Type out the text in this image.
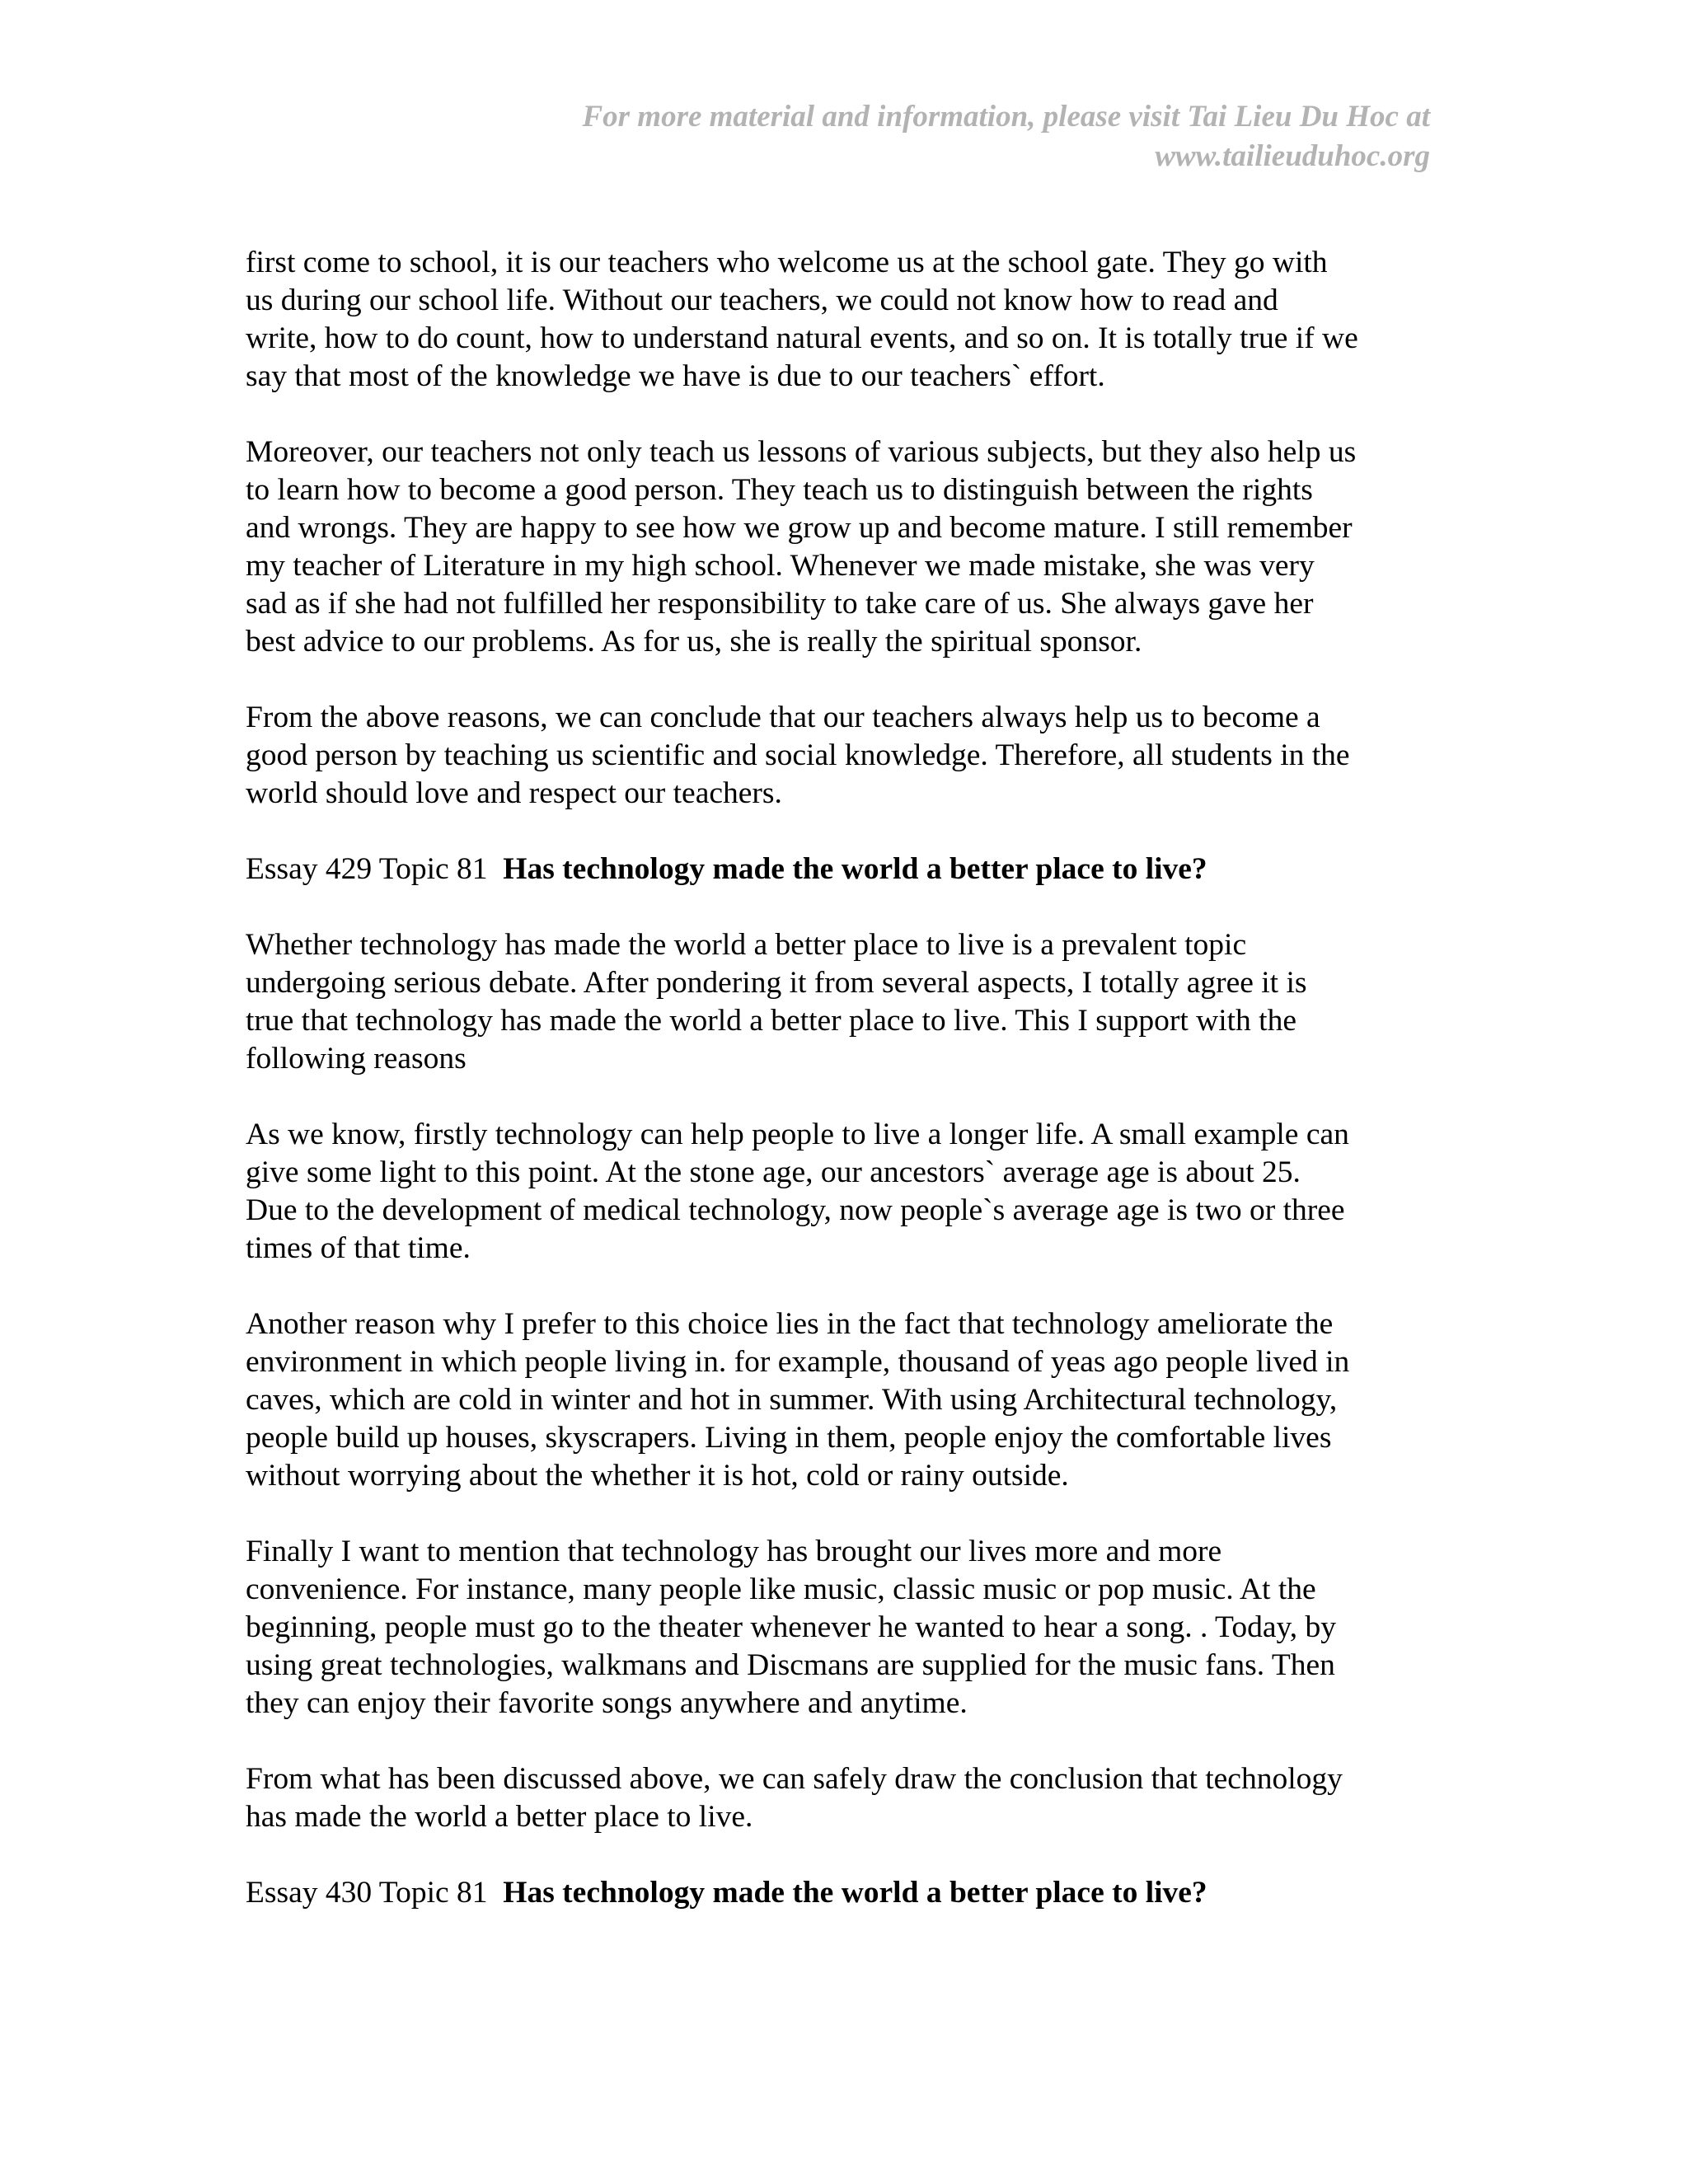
For more material and information, please visit Tai Lieu Du Hoc at
www.tailieuduhoc.org
first come to school, it is our teachers who welcome us at the school gate. They go with
us during our school life. Without our teachers, we could not know how to read and
write, how to do count, how to understand natural events, and so on. It is totally true if we
say that most of the knowledge we have is due to our teachers` effort.
Moreover, our teachers not only teach us lessons of various subjects, but they also help us
to learn how to become a good person. They teach us to distinguish between the rights
and wrongs. They are happy to see how we grow up and become mature. I still remember
my teacher of Literature in my high school. Whenever we made mistake, she was very
sad as if she had not fulfilled her responsibility to take care of us. She always gave her
best advice to our problems. As for us, she is really the spiritual sponsor.
From the above reasons, we can conclude that our teachers always help us to become a
good person by teaching us scientific and social knowledge. Therefore, all students in the
world should love and respect our teachers.
Essay 429 Topic 81 Has technology made the world a better place to live?
Whether technology has made the world a better place to live is a prevalent topic
undergoing serious debate. After pondering it from several aspects, I totally agree it is
true that technology has made the world a better place to live. This I support with the
following reasons
As we know, firstly technology can help people to live a longer life. A small example can
give some light to this point. At the stone age, our ancestors` average age is about 25.
Due to the development of medical technology, now people`s average age is two or three
times of that time.
Another reason why I prefer to this choice lies in the fact that technology ameliorate the
environment in which people living in. for example, thousand of yeas ago people lived in
caves, which are cold in winter and hot in summer. With using Architectural technology,
people build up houses, skyscrapers. Living in them, people enjoy the comfortable lives
without worrying about the whether it is hot, cold or rainy outside.
Finally I want to mention that technology has brought our lives more and more
convenience. For instance, many people like music, classic music or pop music. At the
beginning, people must go to the theater whenever he wanted to hear a song. . Today, by
using great technologies, walkmans and Discmans are supplied for the music fans. Then
they can enjoy their favorite songs anywhere and anytime.
From what has been discussed above, we can safely draw the conclusion that technology
has made the world a better place to live.
Essay 430 Topic 81 Has technology made the world a better place to live?
